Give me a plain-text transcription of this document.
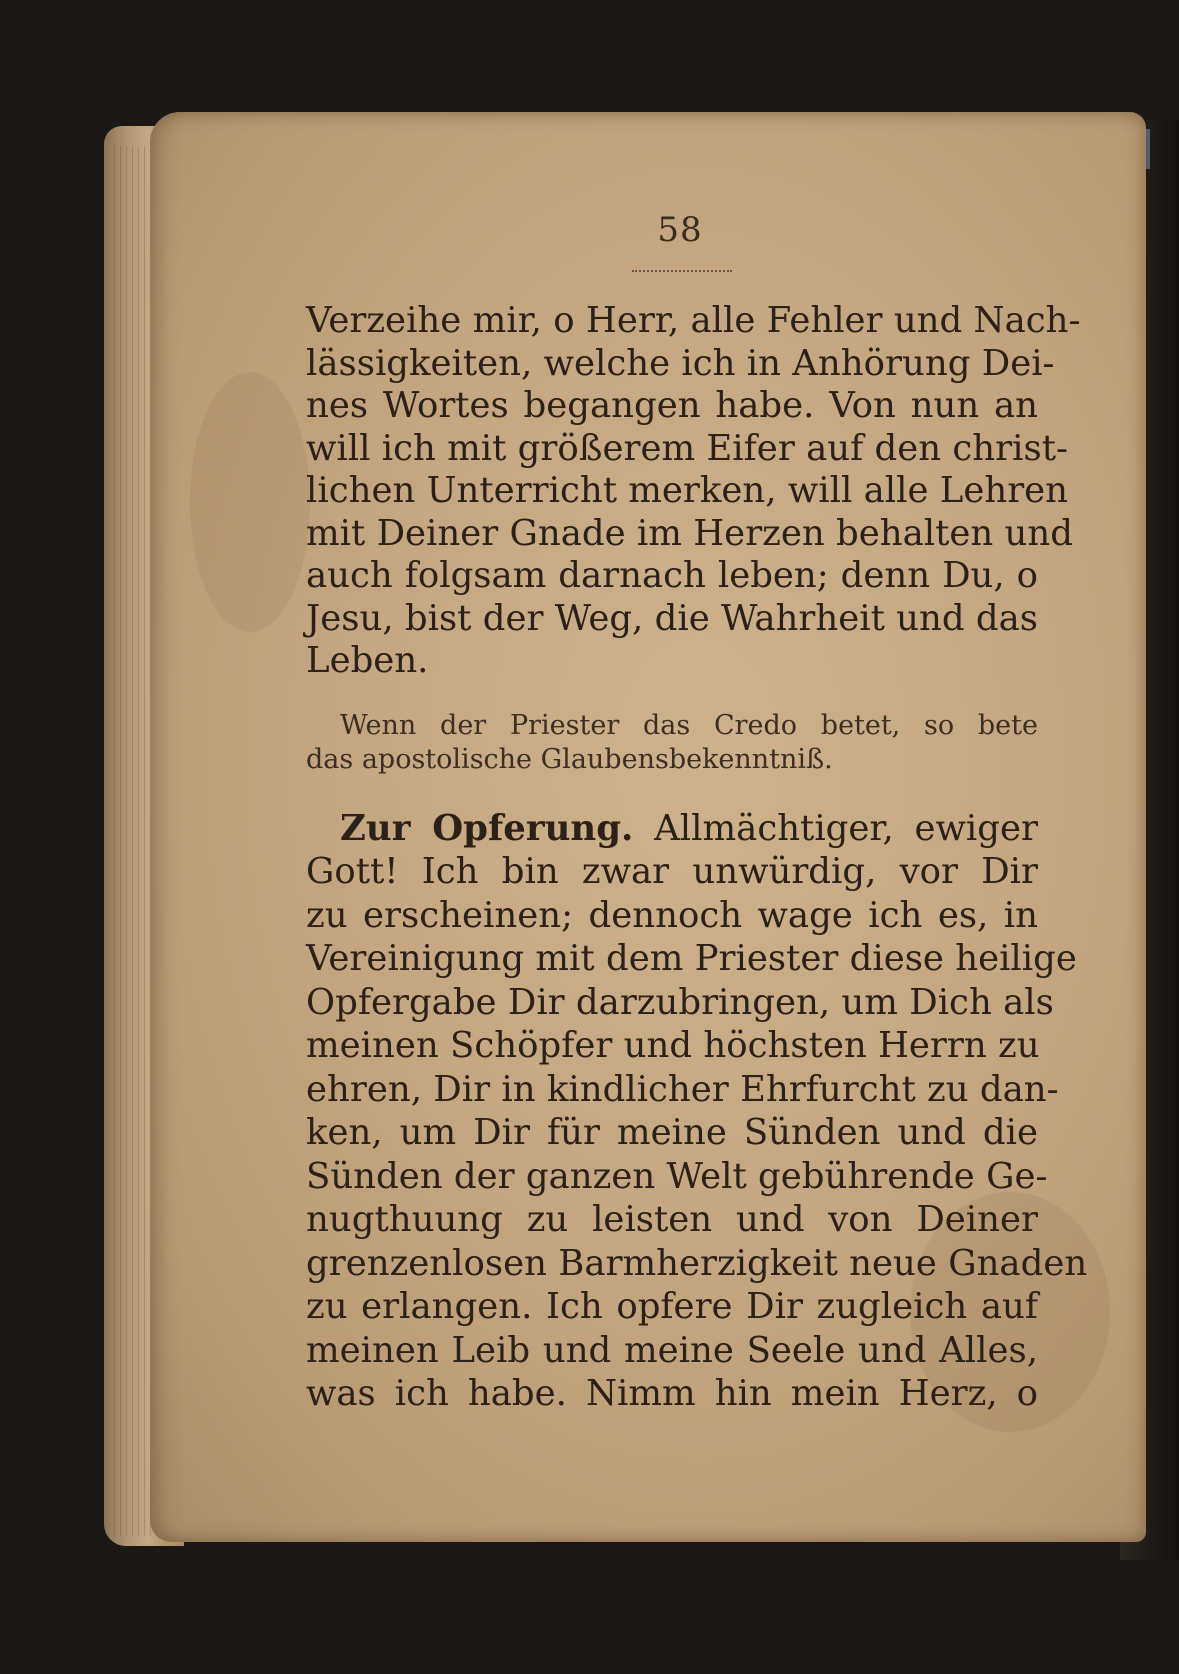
58

Verzeihe mir, o Herr, alle Fehler und Nach-
lässigkeiten, welche ich in Anhörung Dei-
nes Wortes begangen habe. Von nun an
will ich mit größerem Eifer auf den christ-
lichen Unterricht merken, will alle Lehren
mit Deiner Gnade im Herzen behalten und
auch folgsam darnach leben; denn Du, o
Jesu, bist der Weg, die Wahrheit und das
Leben.

Wenn der Priester das Credo betet, so bete
das apostolische Glaubensbekenntniß.

Zur Opferung. Allmächtiger, ewiger
Gott! Ich bin zwar unwürdig, vor Dir
zu erscheinen; dennoch wage ich es, in
Vereinigung mit dem Priester diese heilige
Opfergabe Dir darzubringen, um Dich als
meinen Schöpfer und höchsten Herrn zu
ehren, Dir in kindlicher Ehrfurcht zu dan-
ken, um Dir für meine Sünden und die
Sünden der ganzen Welt gebührende Ge-
nugthuung zu leisten und von Deiner
grenzenlosen Barmherzigkeit neue Gnaden
zu erlangen. Ich opfere Dir zugleich auf
meinen Leib und meine Seele und Alles,
was ich habe. Nimm hin mein Herz, o
